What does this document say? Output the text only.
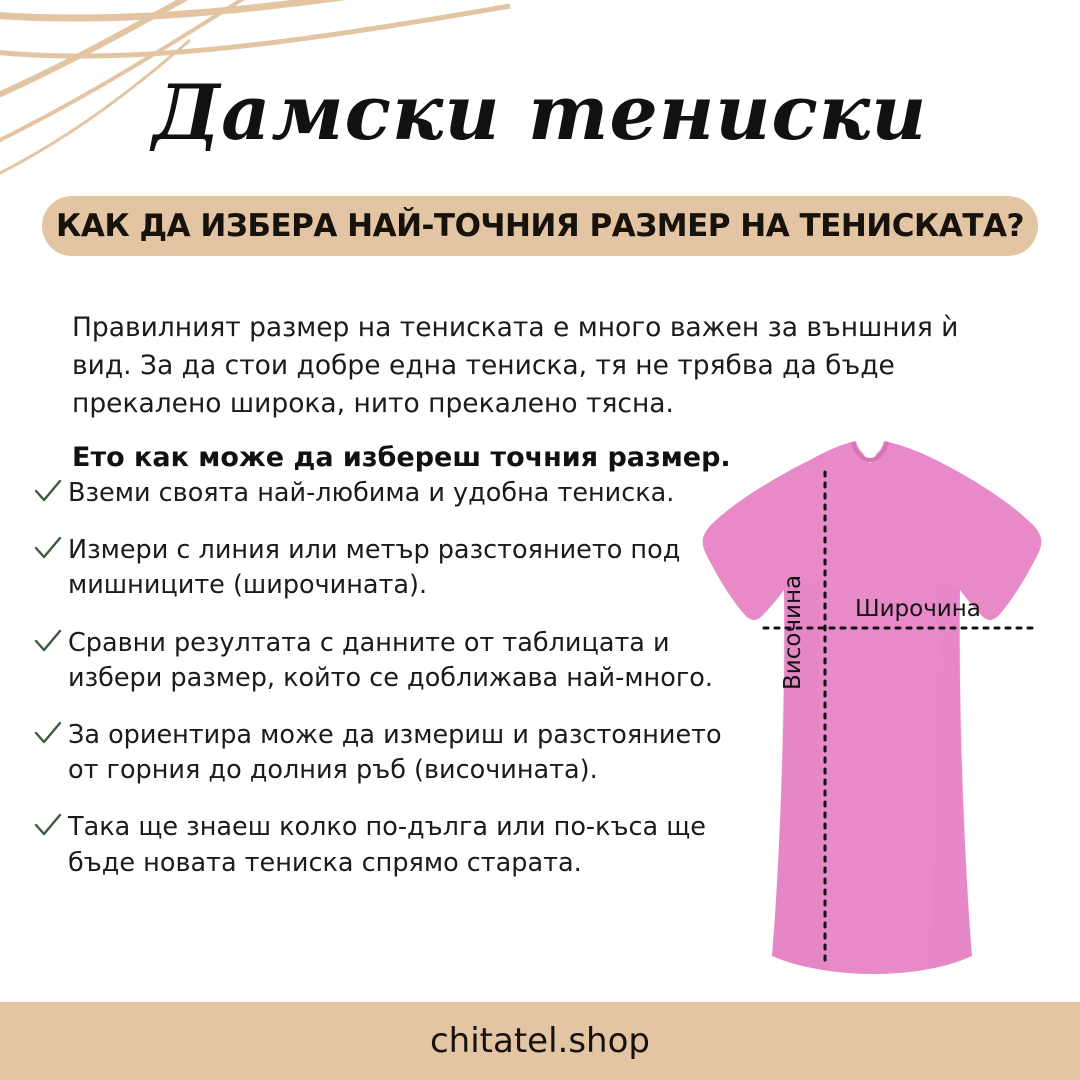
Дамски тениски
КАК ДА ИЗБЕРА НАЙ-ТОЧНИЯ РАЗМЕР НА ТЕНИСКАТА?

Правилният размер на тениската е много важен за външния ѝ вид. За да стои добре една тениска, тя не трябва да бъде прекалено широка, нито прекалено тясна.

Ето как може да избереш точния размер.

Вземи своята най-любима и удобна тениска.
Измери с линия или метър разстоянието под мишниците (широчината).
Сравни резултата с данните от таблицата и избери размер, който се доближава най-много.
За ориентира може да измериш и разстоянието от горния до долния ръб (височината).
Така ще знаеш колко по-дълга или по-къса ще бъде новата тениска спрямо старата.
Широчина
Височина
chitatel.shop
